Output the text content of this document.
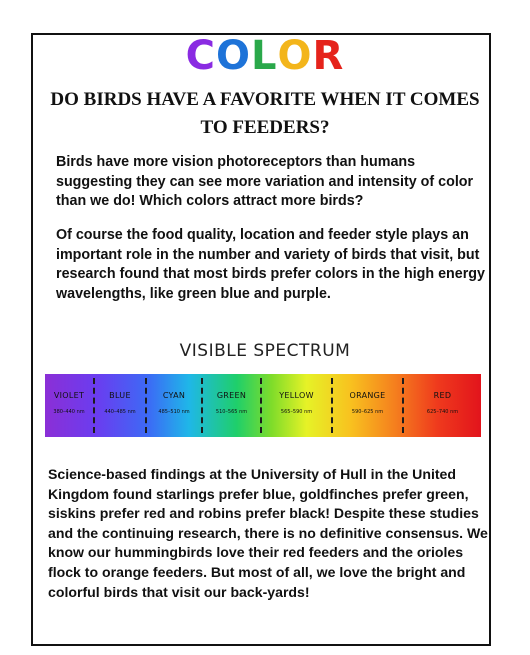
COLOR
DO BIRDS HAVE A FAVORITE WHEN IT COMES TO FEEDERS?
Birds have more vision photoreceptors than humans suggesting they can see more variation and intensity of color than we do! Which colors attract more birds?
Of course the food quality, location and feeder style plays an important role in the number and variety of birds that visit, but research found that most birds prefer colors in the high energy wavelengths, like green blue and purple.
VISIBLE SPECTRUM
VIOLET
380–440 nm
BLUE
440–485 nm
CYAN
485–510 nm
GREEN
510–565 nm
YELLOW
565–590 nm
ORANGE
590–625 nm
RED
625–740 nm
Science-based findings at the University of Hull in the United Kingdom found starlings prefer blue, goldfinches prefer green, siskins prefer red and robins prefer black! Despite these studies and the continuing research, there is no definitive consensus. We know our hummingbirds love their red feeders and the orioles flock to orange feeders. But most of all, we love the bright and colorful birds that visit our back-yards!
